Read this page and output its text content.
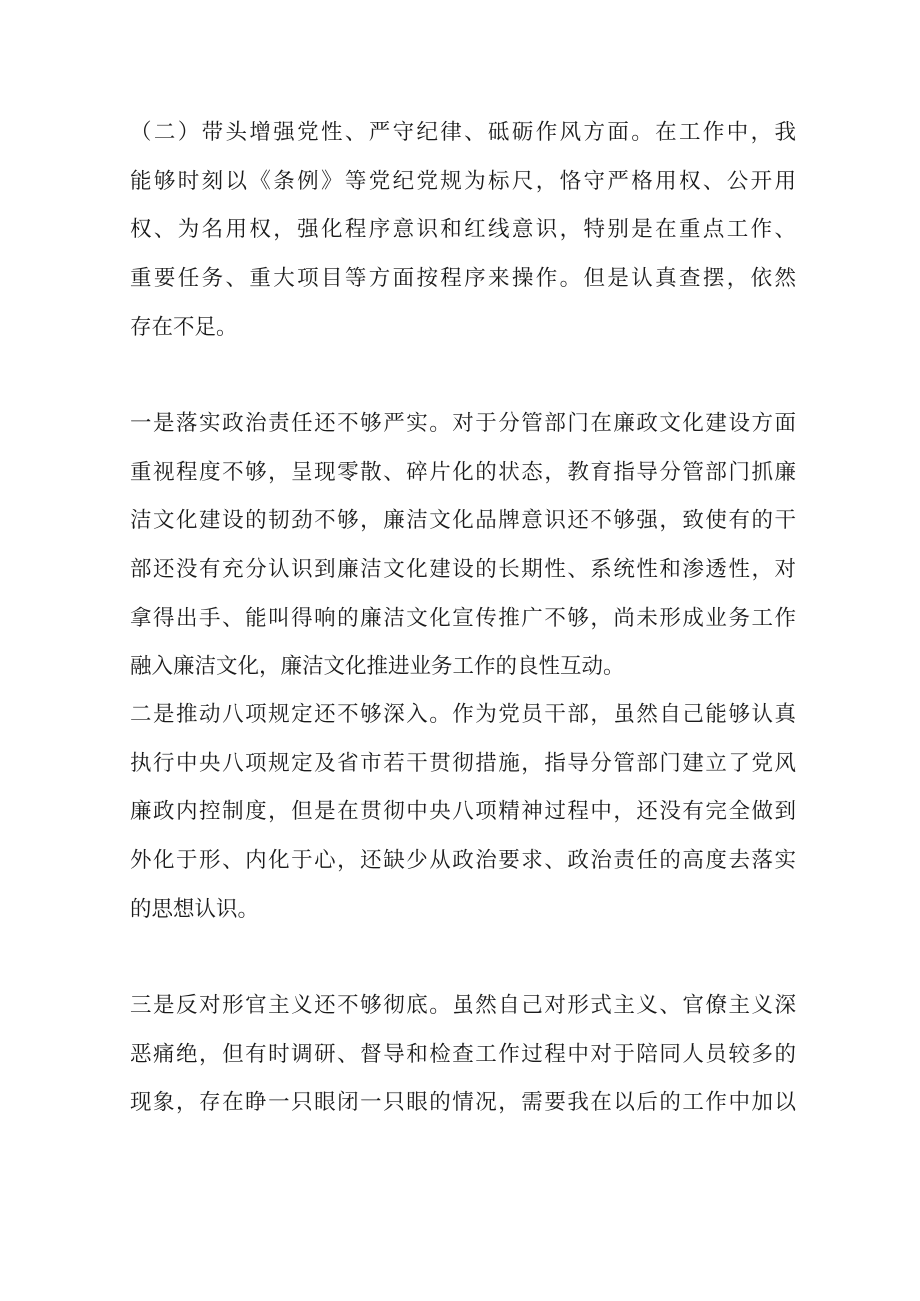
（二）带头增强党性、严守纪律、砥砺作风方面。在工作中，我
能够时刻以《条例》等党纪党规为标尺，恪守严格用权、公开用
权、为名用权，强化程序意识和红线意识，特别是在重点工作、
重要任务、重大项目等方面按程序来操作。但是认真查摆，依然
存在不足。
一是落实政治责任还不够严实。对于分管部门在廉政文化建设方面
重视程度不够，呈现零散、碎片化的状态，教育指导分管部门抓廉
洁文化建设的韧劲不够，廉洁文化品牌意识还不够强，致使有的干
部还没有充分认识到廉洁文化建设的长期性、系统性和渗透性，对
拿得出手、能叫得响的廉洁文化宣传推广不够，尚未形成业务工作
融入廉洁文化，廉洁文化推进业务工作的良性互动。
二是推动八项规定还不够深入。作为党员干部，虽然自己能够认真
执行中央八项规定及省市若干贯彻措施，指导分管部门建立了党风
廉政内控制度，但是在贯彻中央八项精神过程中，还没有完全做到
外化于形、内化于心，还缺少从政治要求、政治责任的高度去落实
的思想认识。
三是反对形官主义还不够彻底。虽然自己对形式主义、官僚主义深
恶痛绝，但有时调研、督导和检查工作过程中对于陪同人员较多的
现象，存在睁一只眼闭一只眼的情况，需要我在以后的工作中加以
